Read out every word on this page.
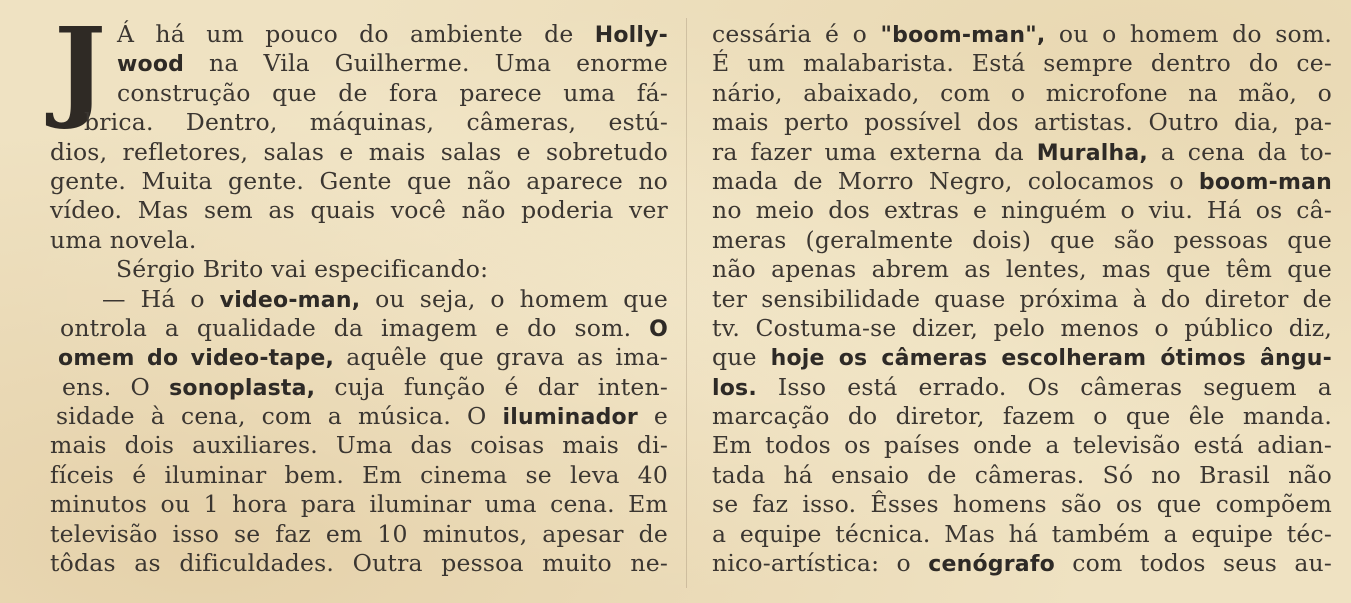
J Á há um pouco do ambiente de Holly-
wood na Vila Guilherme. Uma enorme
construção que de fora parece uma fá-
brica. Dentro, máquinas, câmeras, estú-
dios, refletores, salas e mais salas e sobretudo
gente. Muita gente. Gente que não aparece no
vídeo. Mas sem as quais você não poderia ver
uma novela.
Sérgio Brito vai especificando:
— Há o video-man, ou seja, o homem que
ontrola a qualidade da imagem e do som. O
omem do video-tape, aquêle que grava as ima-
ens. O sonoplasta, cuja função é dar inten-
sidade à cena, com a música. O iluminador e
mais dois auxiliares. Uma das coisas mais di-
fíceis é iluminar bem. Em cinema se leva 40
minutos ou 1 hora para iluminar uma cena. Em
televisão isso se faz em 10 minutos, apesar de
tôdas as dificuldades. Outra pessoa muito ne-
cessária é o "boom-man", ou o homem do som.
É um malabarista. Está sempre dentro do ce-
nário, abaixado, com o microfone na mão, o
mais perto possível dos artistas. Outro dia, pa-
ra fazer uma externa da Muralha, a cena da to-
mada de Morro Negro, colocamos o boom-man
no meio dos extras e ninguém o viu. Há os câ-
meras (geralmente dois) que são pessoas que
não apenas abrem as lentes, mas que têm que
ter sensibilidade quase próxima à do diretor de
tv. Costuma-se dizer, pelo menos o público diz,
que hoje os câmeras escolheram ótimos ângu-
los. Isso está errado. Os câmeras seguem a
marcação do diretor, fazem o que êle manda.
Em todos os países onde a televisão está adian-
tada há ensaio de câmeras. Só no Brasil não
se faz isso. Êsses homens são os que compõem
a equipe técnica. Mas há também a equipe téc-
nico-artística: o cenógrafo com todos seus au-
